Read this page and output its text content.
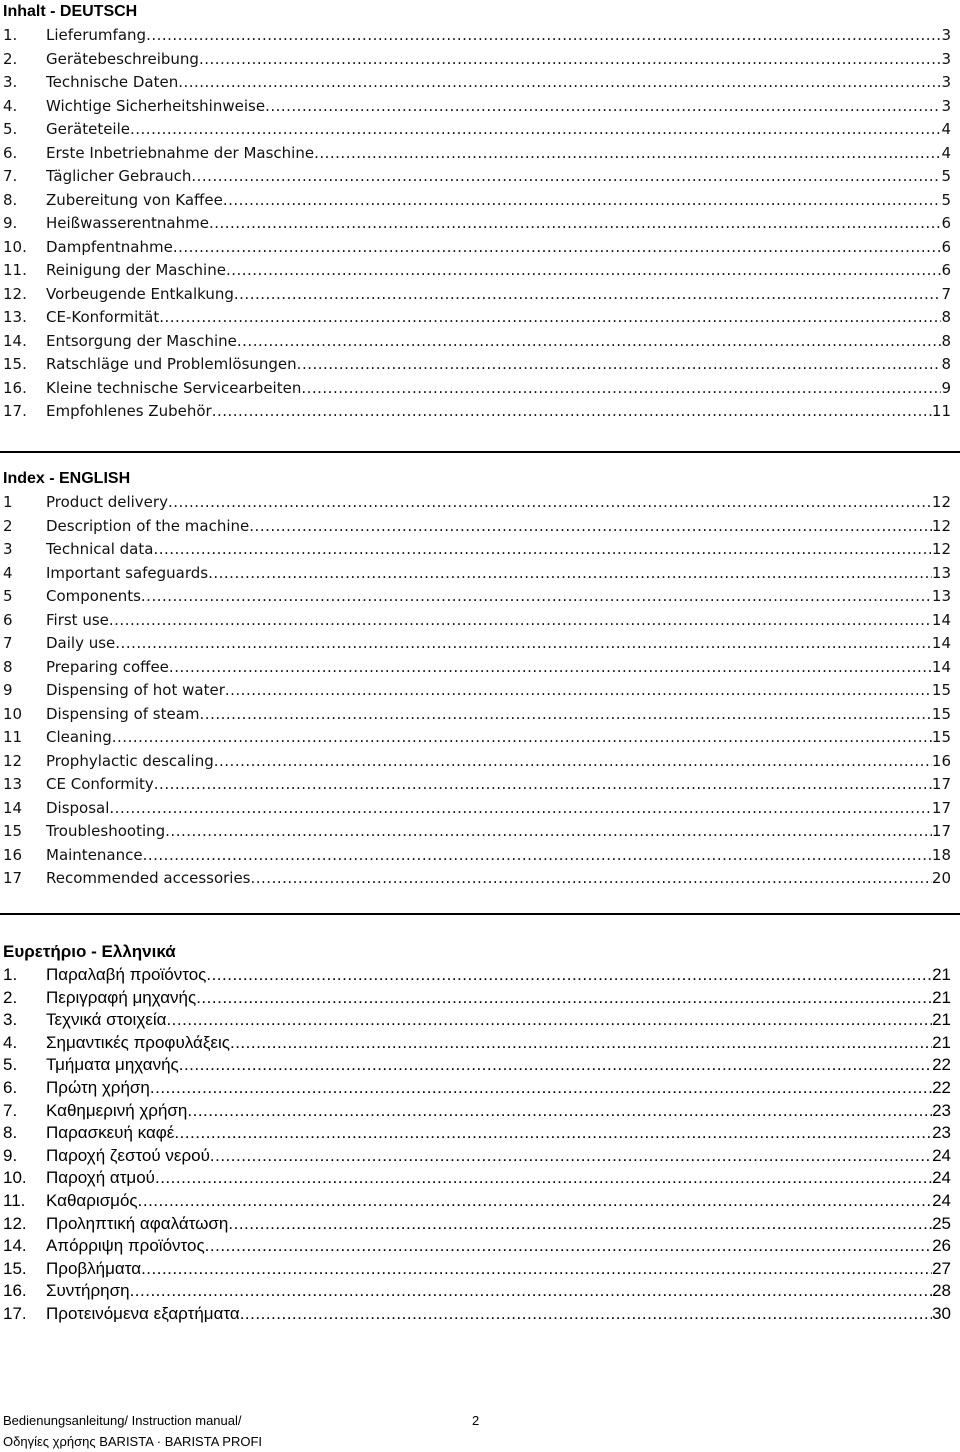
Inhalt - DEUTSCH
1.	Lieferumfang .....	3
2.	Gerätebeschreibung .....	3
3.	Technische Daten .....	3
4.	Wichtige Sicherheitshinweise .....	3
5.	Geräteteile .....	4
6.	Erste Inbetriebnahme der Maschine .....	4
7.	Täglicher Gebrauch .....	5
8.	Zubereitung von Kaffee .....	5
9.	Heißwasserentnahme .....	6
10.	Dampfentnahme .....	6
11.	Reinigung der Maschine .....	6
12.	Vorbeugende Entkalkung .....	7
13.	CE-Konformität .....	8
14.	Entsorgung der Maschine .....	8
15.	Ratschläge und Problemlösungen .....	8
16.	Kleine technische Servicearbeiten .....	9
17.	Empfohlenes Zubehör .....	11
Index - ENGLISH
1	Product delivery .....	12
2	Description of the machine .....	12
3	Technical data .....	12
4	Important safeguards .....	13
5	Components .....	13
6	First use .....	14
7	Daily use .....	14
8	Preparing coffee .....	14
9	Dispensing of hot water .....	15
10	Dispensing of steam .....	15
11	Cleaning .....	15
12	Prophylactic descaling .....	16
13	CE Conformity .....	17
14	Disposal .....	17
15	Troubleshooting .....	17
16	Maintenance .....	18
17	Recommended accessories .....	20
Ευρετήριο - Ελληνικά
1.	Παραλαβή προϊόντος .....	21
2.	Περιγραφή μηχανής .....	21
3.	Τεχνικά στοιχεία .....	21
4.	Σημαντικές προφυλάξεις .....	21
5.	Τμήματα μηχανής .....	22
6.	Πρώτη χρήση .....	22
7.	Καθημερινή χρήση .....	23
8.	Παρασκευή καφέ .....	23
9.	Παροχή ζεστού νερού .....	24
10.	Παροχή ατμού .....	24
11.	Καθαρισμός .....	24
12.	Προληπτική αφαλάτωση .....	25
14.	Απόρριψη προϊόντος .....	26
15.	Προβλήματα .....	27
16.	Συντήρηση .....	28
17.	Προτεινόμενα εξαρτήματα .....	30
Bedienungsanleitung/ Instruction manual/
Οδηγίες χρήσης BARISTA · BARISTA PROFI
2
